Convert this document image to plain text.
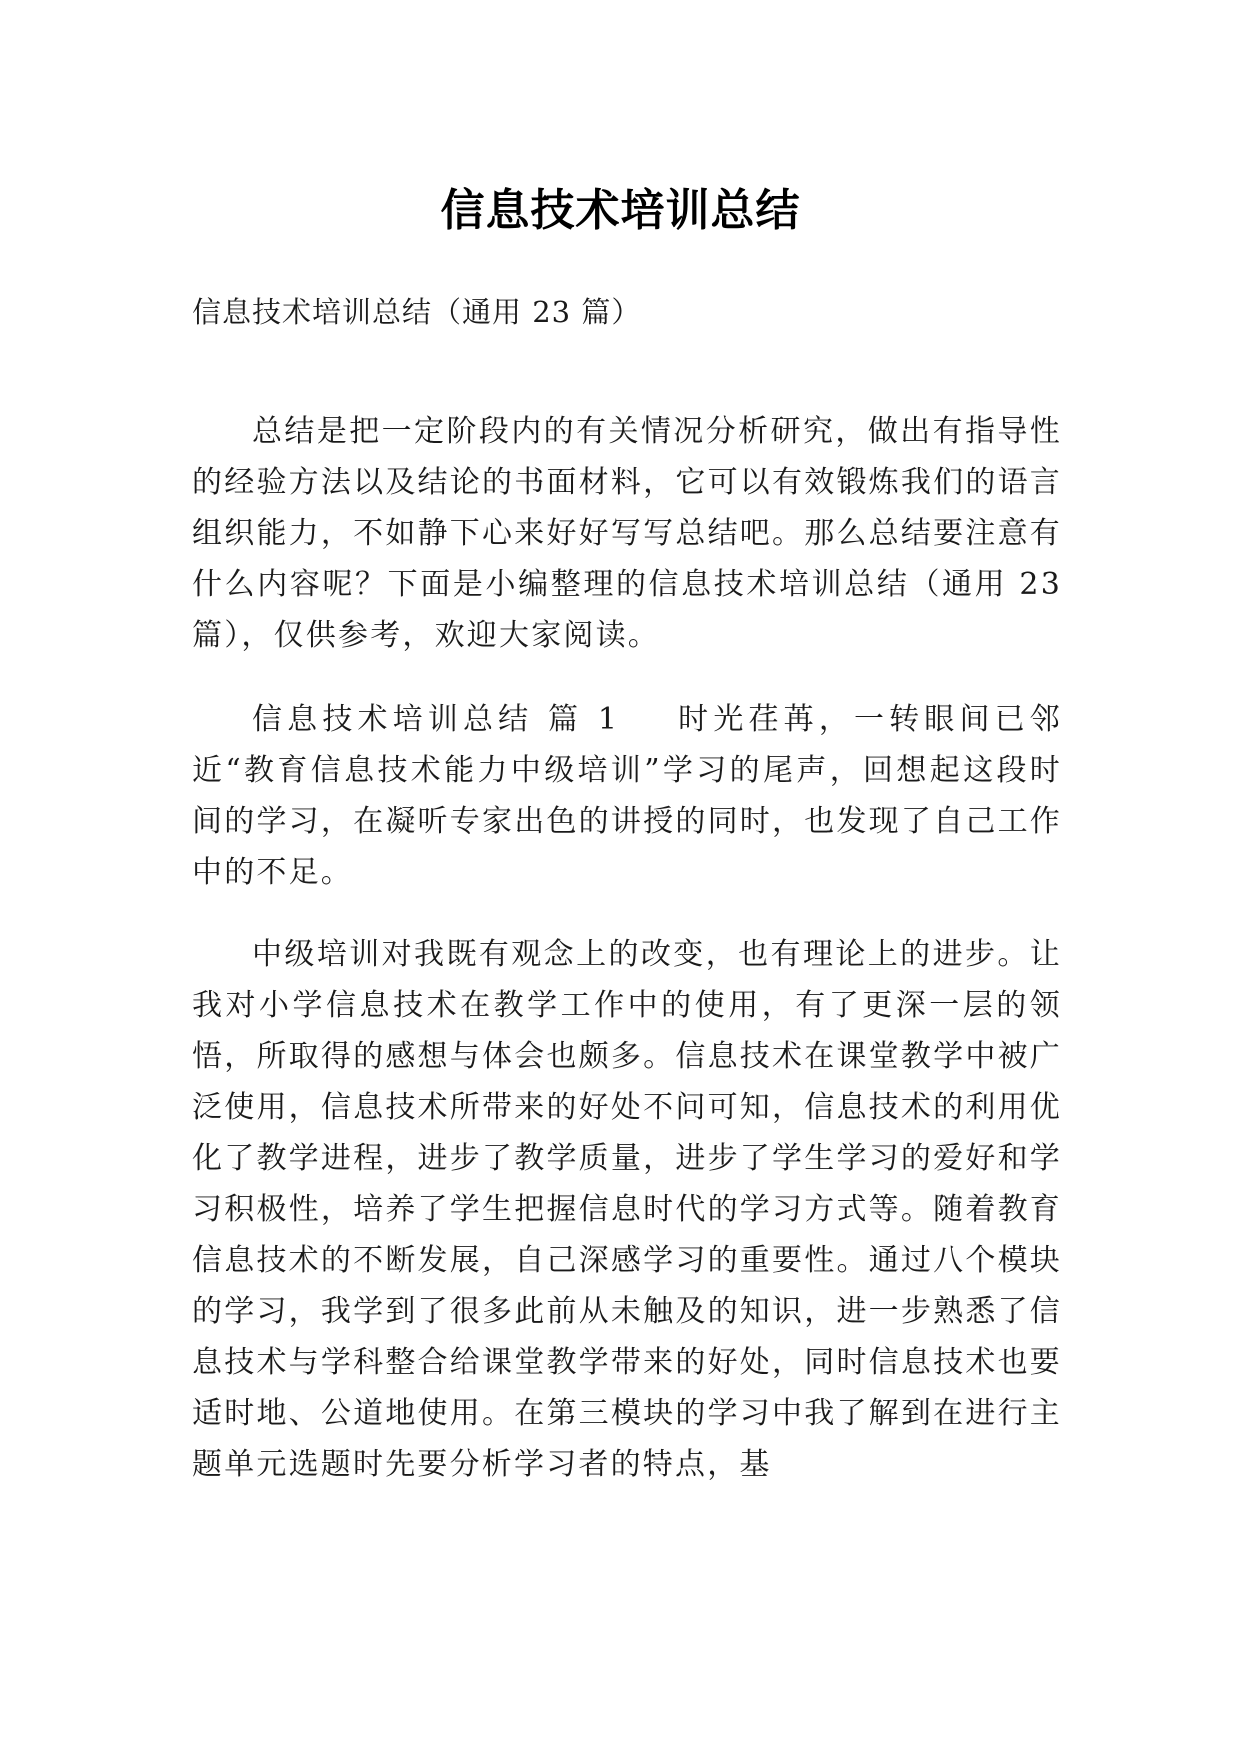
信息技术培训总结
信息技术培训总结（通用 23 篇）

总结是把一定阶段内的有关情况分析研究，做出有指导性的经验方法以及结论的书面材料，它可以有效锻炼我们的语言组织能力，不如静下心来好好写写总结吧。那么总结要注意有什么内容呢？下面是小编整理的信息技术培训总结（通用 23 篇），仅供参考，欢迎大家阅读。

信息技术培训总结 篇 1 时光荏苒，一转眼间已邻近“教育信息技术能力中级培训”学习的尾声，回想起这段时间的学习，在凝听专家出色的讲授的同时，也发现了自己工作中的不足。

中级培训对我既有观念上的改变，也有理论上的进步。让我对小学信息技术在教学工作中的使用，有了更深一层的领悟，所取得的感想与体会也颇多。信息技术在课堂教学中被广泛使用，信息技术所带来的好处不问可知，信息技术的利用优化了教学进程，进步了教学质量，进步了学生学习的爱好和学习积极性，培养了学生把握信息时代的学习方式等。随着教育信息技术的不断发展，自己深感学习的重要性。通过八个模块的学习，我学到了很多此前从未触及的知识，进一步熟悉了信息技术与学科整合给课堂教学带来的好处，同时信息技术也要适时地、公道地使用。在第三模块的学习中我了解到在进行主题单元选题时先要分析学习者的特点，基
